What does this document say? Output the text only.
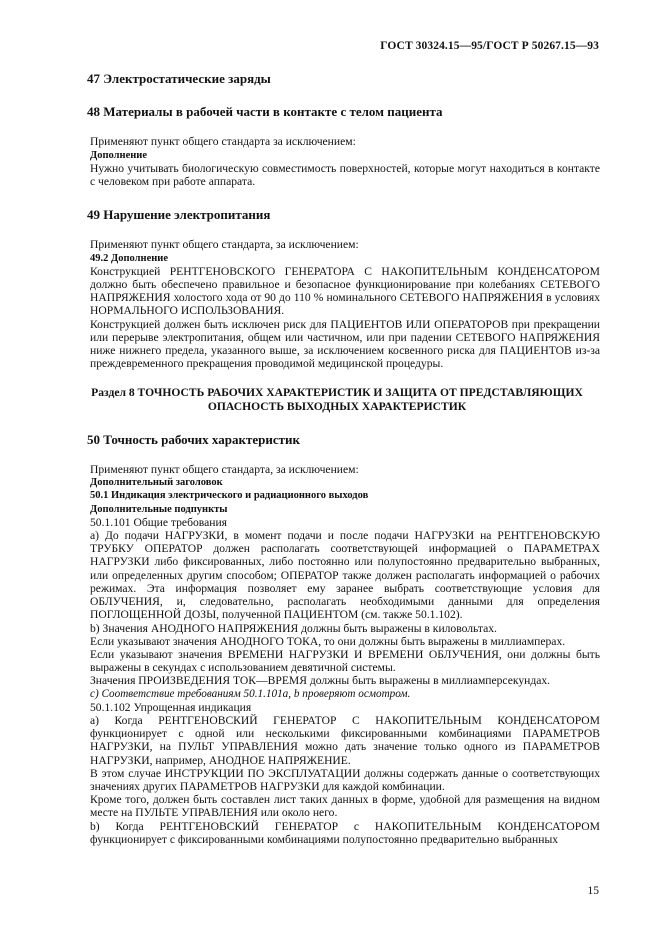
ГОСТ 30324.15—95/ГОСТ Р 50267.15—93
47 Электростатические заряды
48 Материалы в рабочей части в контакте с телом пациента

Применяют пункт общего стандарта за исключением:

Дополнение

Нужно учитывать биологическую совместимость поверхностей, которые могут находиться в контакте с человеком при работе аппарата.

49 Нарушение электропитания

Применяют пункт общего стандарта, за исключением:

49.2 Дополнение

Конструкцией РЕНТГЕНОВСКОГО ГЕНЕРАТОРА С НАКОПИТЕЛЬНЫМ КОНДЕНСАТОРОМ должно быть обеспечено правильное и безопасное функционирование при колебаниях СЕТЕВОГО НАПРЯЖЕНИЯ холостого хода от 90 до 110 % номинального СЕТЕВОГО НАПРЯЖЕНИЯ в условиях НОРМАЛЬНОГО ИСПОЛЬЗОВАНИЯ.

Конструкцией должен быть исключен риск для ПАЦИЕНТОВ ИЛИ ОПЕРАТОРОВ при прекращении или перерыве электропитания, общем или частичном, или при падении СЕТЕВОГО НАПРЯЖЕНИЯ ниже нижнего предела, указанного выше, за исключением косвенного риска для ПАЦИЕНТОВ из-за преждевременного прекращения проводимой медицинской процедуры.

Раздел 8 ТОЧНОСТЬ РАБОЧИХ ХАРАКТЕРИСТИК И ЗАЩИТА ОТ ПРЕДСТАВЛЯЮЩИХ ОПАСНОСТЬ ВЫХОДНЫХ ХАРАКТЕРИСТИК

50 Точность рабочих характеристик

Применяют пункт общего стандарта, за исключением:

Дополнительный заголовок

50.1 Индикация электрического и радиационного выходов

Дополнительные подпункты

50.1.101 Общие требования

а) До подачи НАГРУЗКИ, в момент подачи и после подачи НАГРУЗКИ на РЕНТГЕНОВСКУЮ ТРУБКУ ОПЕРАТОР должен располагать соответствующей информацией о ПАРАМЕТРАХ НАГРУЗКИ либо фиксированных, либо постоянно или полупостоянно предварительно выбранных, или определенных другим способом; ОПЕРАТОР также должен располагать информацией о рабочих режимах. Эта информация позволяет ему заранее выбрать соответствующие условия для ОБЛУЧЕНИЯ, и, следовательно, располагать необходимыми данными для определения ПОГЛОЩЕННОЙ ДОЗЫ, полученной ПАЦИЕНТОМ (см. также 50.1.102).

b) Значения АНОДНОГО НАПРЯЖЕНИЯ должны быть выражены в киловольтах.

Если указывают значения АНОДНОГО ТОКА, то они должны быть выражены в миллиамперах.

Если указывают значения ВРЕМЕНИ НАГРУЗКИ И ВРЕМЕНИ ОБЛУЧЕНИЯ, они должны быть выражены в секундах с использованием девятичной системы.

Значения ПРОИЗВЕДЕНИЯ ТОК—ВРЕМЯ должны быть выражены в миллиамперсекундах.

с) Соответствие требованиям 50.1.101а, b проверяют осмотром.

50.1.102 Упрощенная индикация

а) Когда РЕНТГЕНОВСКИЙ ГЕНЕРАТОР С НАКОПИТЕЛЬНЫМ КОНДЕНСАТОРОМ функционирует с одной или несколькими фиксированными комбинациями ПАРАМЕТРОВ НАГРУЗКИ, на ПУЛЬТ УПРАВЛЕНИЯ можно дать значение только одного из ПАРАМЕТРОВ НАГРУЗКИ, например, АНОДНОЕ НАПРЯЖЕНИЕ.

В этом случае ИНСТРУКЦИИ ПО ЭКСПЛУАТАЦИИ должны содержать данные о соответствующих значениях других ПАРАМЕТРОВ НАГРУЗКИ для каждой комбинации.

Кроме того, должен быть составлен лист таких данных в форме, удобной для размещения на видном месте на ПУЛЬТЕ УПРАВЛЕНИЯ или около него.

b) Когда РЕНТГЕНОВСКИЙ ГЕНЕРАТОР с НАКОПИТЕЛЬНЫМ КОНДЕНСАТОРОМ функционирует с фиксированными комбинациями полупостоянно предварительно выбранных

15
